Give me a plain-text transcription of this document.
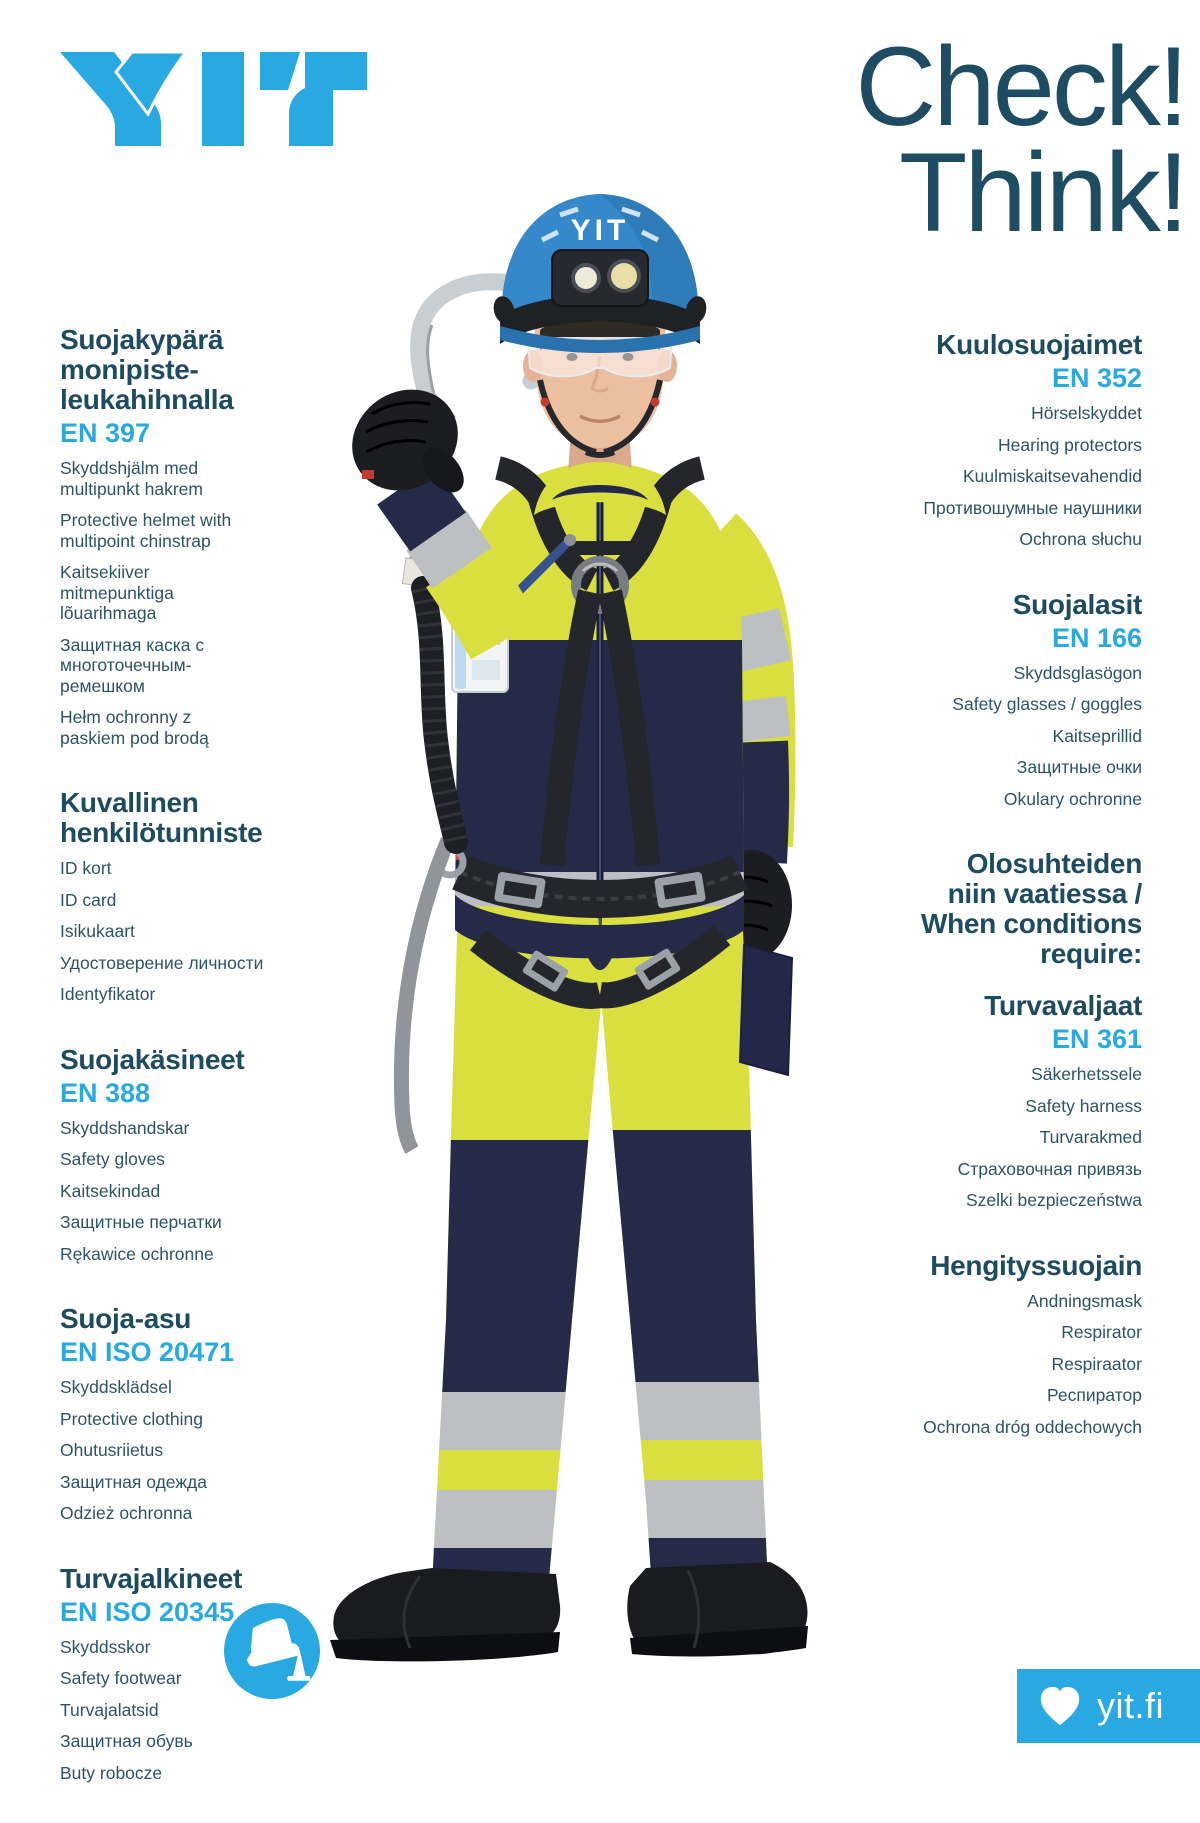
Check!
Think!
YIT
Suojakypärä
monipiste-
leukahihnalla
EN 397
Skyddshjälm med
multipunkt hakrem
Protective helmet with
multipoint chinstrap
Kaitsekiiver
mitmepunktiga
lõuarihmaga
Защитная каска с
многоточечным-
ремешком
Hełm ochronny z
paskiem pod brodą
Kuvallinen
henkilötunniste
ID kort
ID card
Isikukaart
Удостоверение личности
Identyfikator
Suojakäsineet
EN 388
Skyddshandskar
Safety gloves
Kaitsekindad
Защитные перчатки
Rękawice ochronne
Suoja-asu
EN ISO 20471
Skyddsklädsel
Protective clothing
Ohutusriietus
Защитная одежда
Odzież ochronna
Turvajalkineet
EN ISO 20345
Skyddsskor
Safety footwear
Turvajalatsid
Защитная обувь
Buty robocze
Kuulosuojaimet
EN 352
Hörselskyddet
Hearing protectors
Kuulmiskaitsevahendid
Противошумные наушники
Ochrona słuchu
Suojalasit
EN 166
Skyddsglasögon
Safety glasses / goggles
Kaitseprillid
Защитные очки
Okulary ochronne
Olosuhteiden
niin vaatiessa /
When conditions
require:
Turvavaljaat
EN 361
Säkerhetssele
Safety harness
Turvarakmed
Страховочная привязь
Szelki bezpieczeństwa
Hengityssuojain
Andningsmask
Respirator
Respiraator
Респиратор
Ochrona dróg oddechowych
yit.fi
